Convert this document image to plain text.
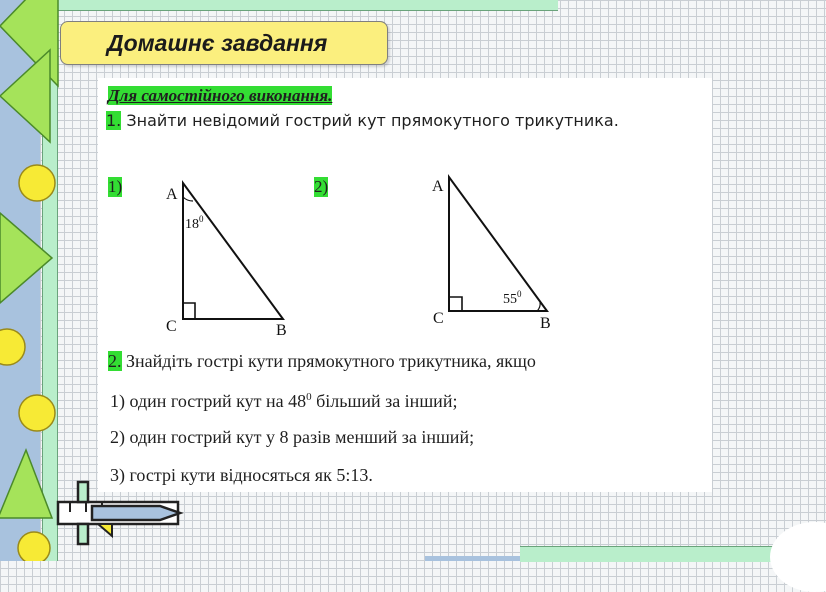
Домашнє завдання
Для самостійного виконання.
1. Знайти невідомий гострий кут прямокутного трикутника.
1)	2)
A
C	B
$18^0$
A
C	B
$55^0$
2. Знайдіть гострі кути прямокутного трикутника, якщо
1) один гострий кут на $48^0$ більший за інший;
2) один гострий кут у 8 разів менший за інший;
3) гострі кути відносяться як 5:13.
